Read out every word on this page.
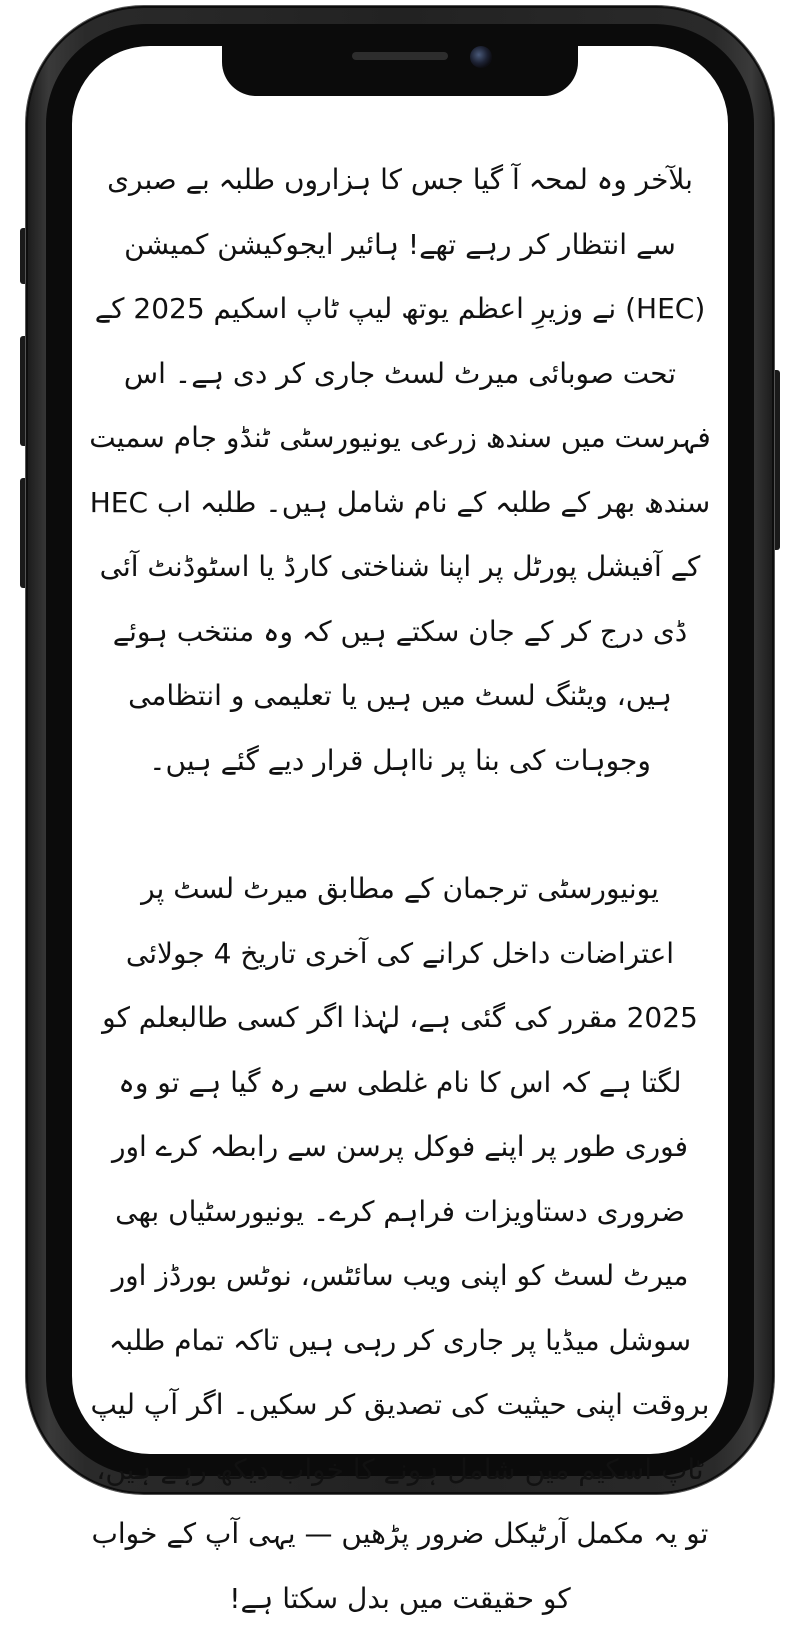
بلآخر وہ لمحہ آ گیا جس کا ہزاروں طلبہ بے صبری سے انتظار کر رہے تھے! ہائیر ایجوکیشن کمیشن (HEC) نے وزیرِ اعظم یوتھ لیپ ٹاپ اسکیم 2025 کے تحت صوبائی میرٹ لسٹ جاری کر دی ہے۔ اس فہرست میں سندھ زرعی یونیورسٹی ٹنڈو جام سمیت سندھ بھر کے طلبہ کے نام شامل ہیں۔ طلبہ اب HEC کے آفیشل پورٹل پر اپنا شناختی کارڈ یا اسٹوڈنٹ آئی ڈی درج کر کے جان سکتے ہیں کہ وہ منتخب ہوئے ہیں، ویٹنگ لسٹ میں ہیں یا تعلیمی و انتظامی وجوہات کی بنا پر نااہل قرار دیے گئے ہیں۔

یونیورسٹی ترجمان کے مطابق میرٹ لسٹ پر اعتراضات داخل کرانے کی آخری تاریخ 4 جولائی 2025 مقرر کی گئی ہے، لہٰذا اگر کسی طالبعلم کو لگتا ہے کہ اس کا نام غلطی سے رہ گیا ہے تو وہ فوری طور پر اپنے فوکل پرسن سے رابطہ کرے اور ضروری دستاویزات فراہم کرے۔ یونیورسٹیاں بھی میرٹ لسٹ کو اپنی ویب سائٹس، نوٹس بورڈز اور سوشل میڈیا پر جاری کر رہی ہیں تاکہ تمام طلبہ بروقت اپنی حیثیت کی تصدیق کر سکیں۔ اگر آپ لیپ ٹاپ اسکیم میں شامل ہونے کا خواب دیکھ رہے ہیں، تو یہ مکمل آرٹیکل ضرور پڑھیں — یہی آپ کے خواب کو حقیقت میں بدل سکتا ہے!
